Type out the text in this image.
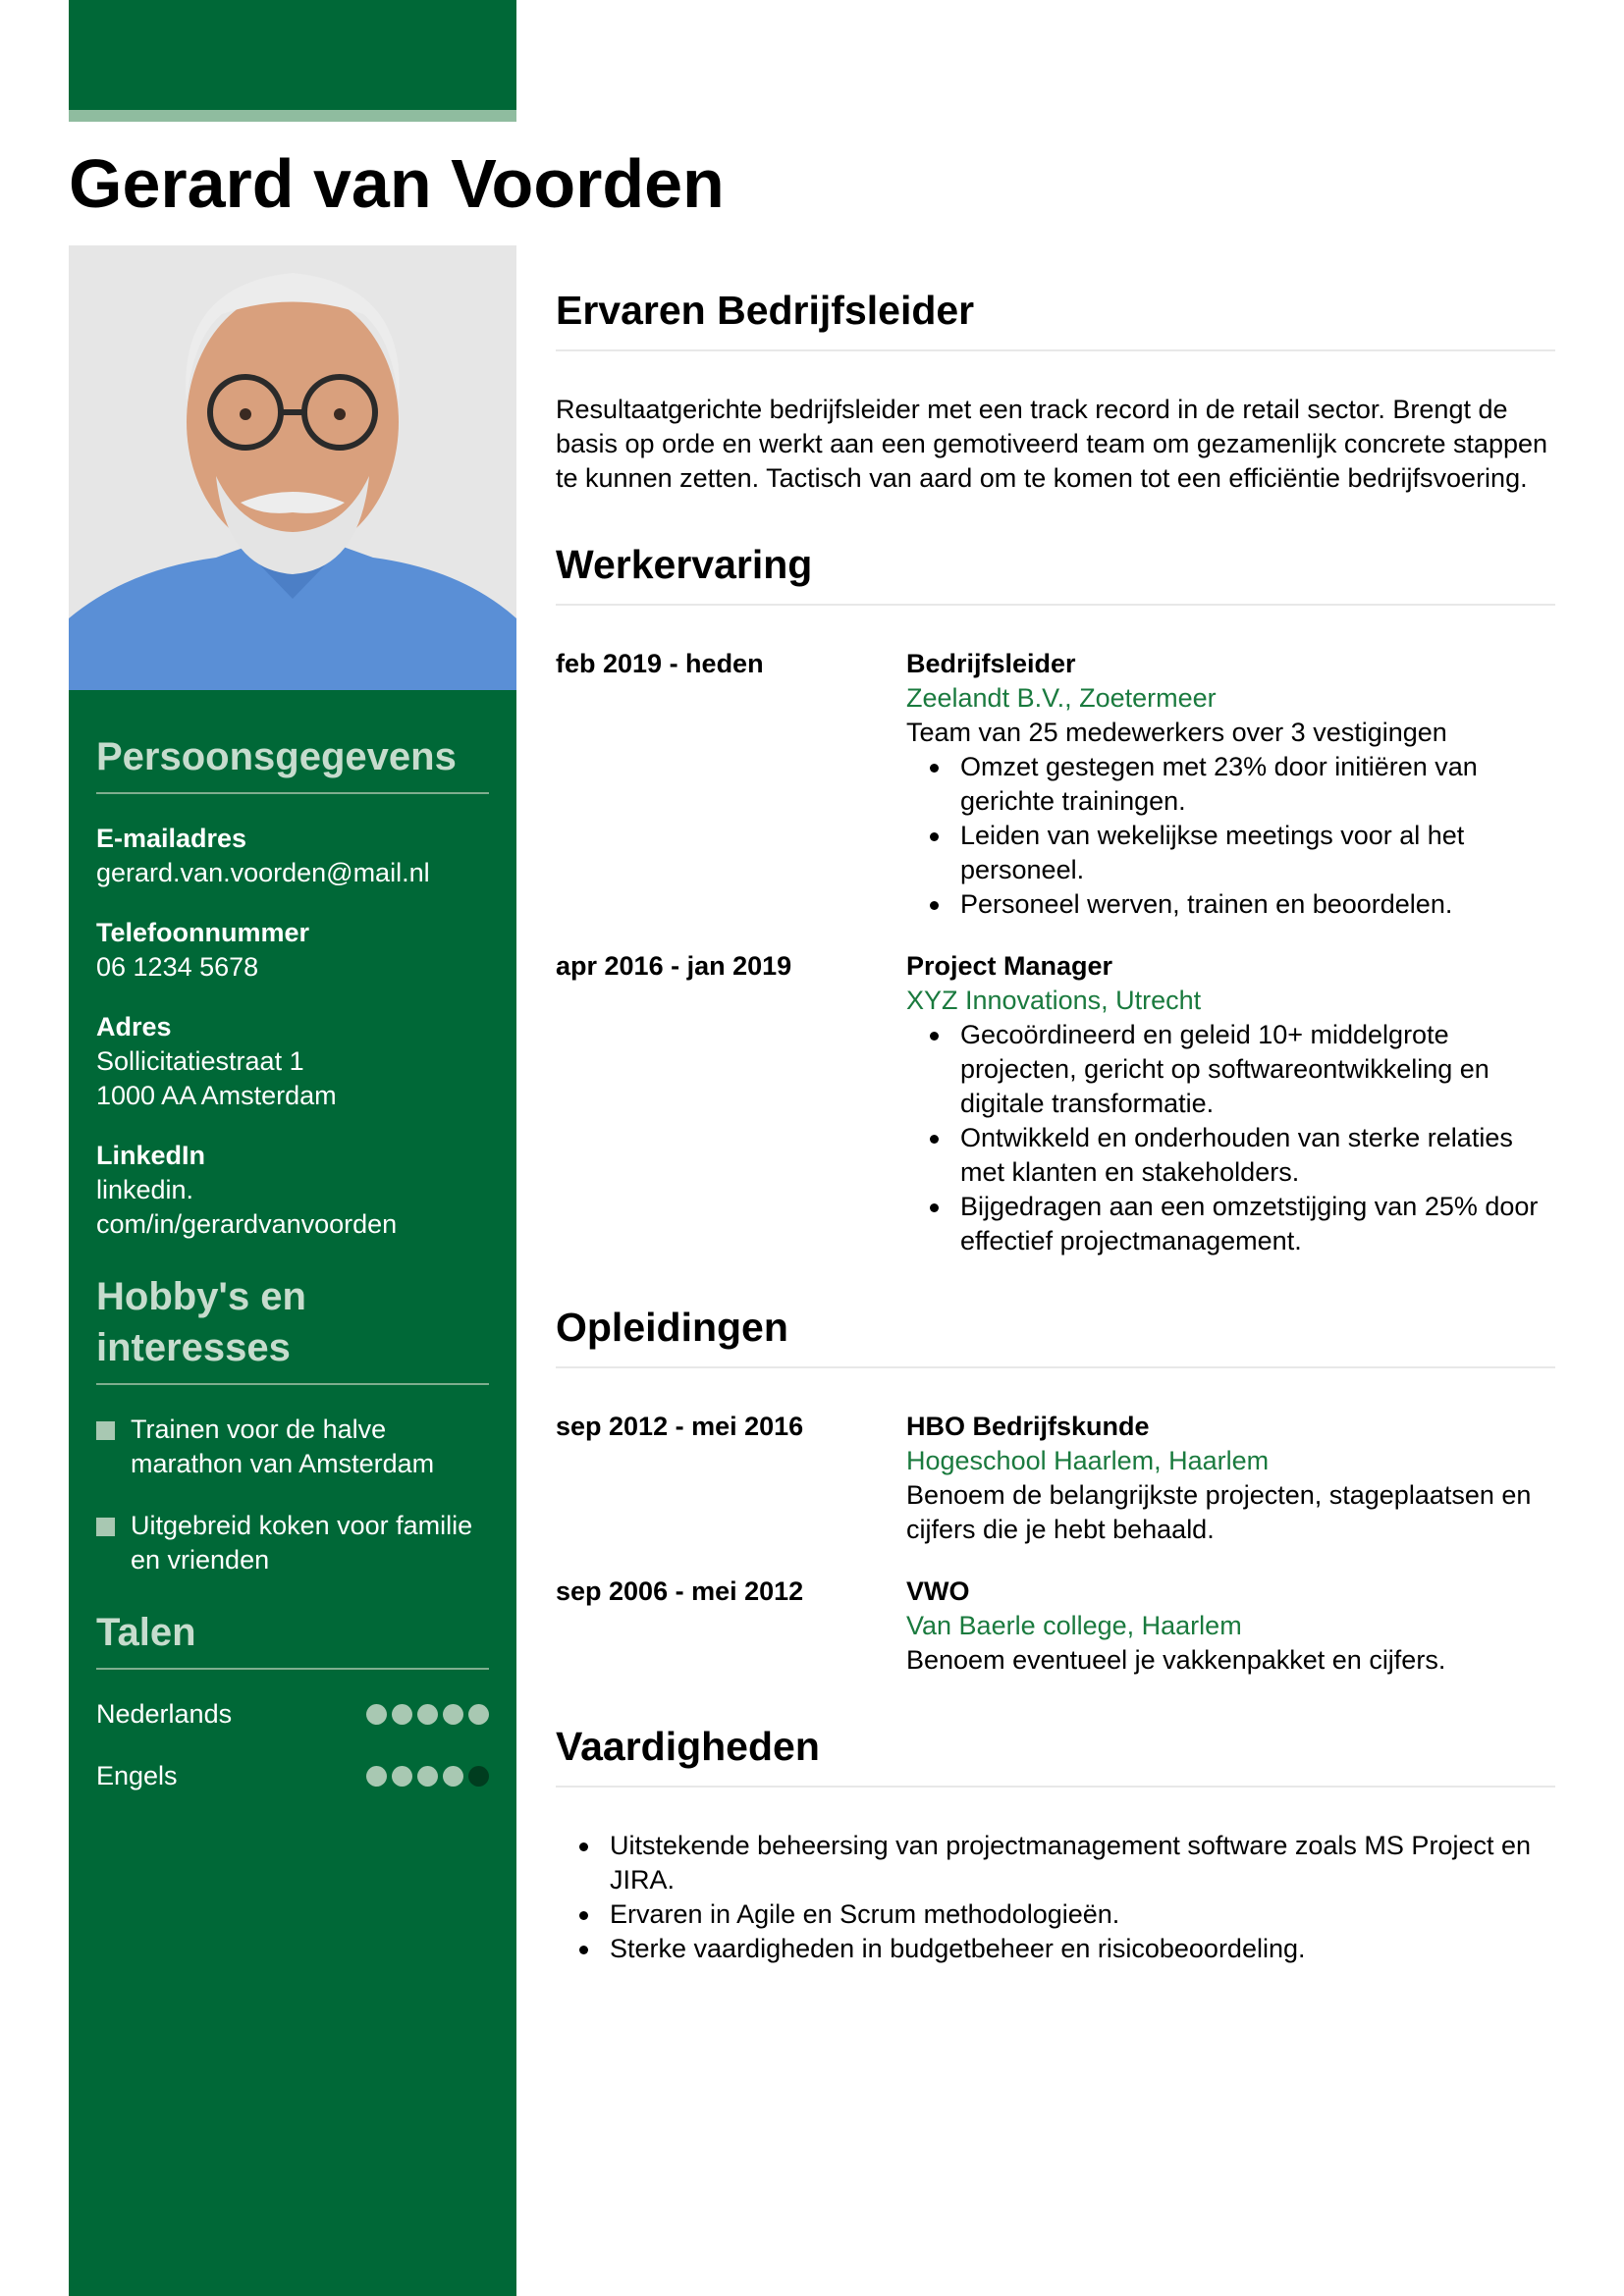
Gerard van Voorden
Persoonsgegevens
E-mailadres
gerard.van.voorden@mail.nl
Telefoonnummer
06 1234 5678
Adres
Sollicitatiestraat 1
1000 AA Amsterdam
LinkedIn
linkedin.
com/in/gerardvanvoorden
Hobby's en interesses
Trainen voor de halve marathon van Amsterdam
Uitgebreid koken voor familie en vrienden
Talen
Nederlands
Engels
Ervaren Bedrijfsleider

Resultaatgerichte bedrijfsleider met een track record in de retail sector. Brengt de basis op orde en werkt aan een gemotiveerd team om gezamenlijk concrete stappen te kunnen zetten. Tactisch van aard om te komen tot een efficiëntie bedrijfsvoering.

Werkervaring
feb 2019 - heden	Bedrijfsleider
Zeelandt B.V., Zoetermeer
Team van 25 medewerkers over 3 vestigingen
Omzet gestegen met 23% door initiëren van gerichte trainingen.
Leiden van wekelijkse meetings voor al het personeel.
Personeel werven, trainen en beoordelen.
apr 2016 - jan 2019	Project Manager
XYZ Innovations, Utrecht
Gecoördineerd en geleid 10+ middelgrote projecten, gericht op softwareontwikkeling en digitale transformatie.
Ontwikkeld en onderhouden van sterke relaties met klanten en stakeholders.
Bijgedragen aan een omzetstijging van 25% door effectief projectmanagement.
Opleidingen
sep 2012 - mei 2016	HBO Bedrijfskunde
Hogeschool Haarlem, Haarlem
Benoem de belangrijkste projecten, stageplaatsen en cijfers die je hebt behaald.
sep 2006 - mei 2012	VWO
Van Baerle college, Haarlem
Benoem eventueel je vakkenpakket en cijfers.
Vaardigheden
Uitstekende beheersing van projectmanagement software zoals MS Project en JIRA.
Ervaren in Agile en Scrum methodologieën.
Sterke vaardigheden in budgetbeheer en risicobeoordeling.
